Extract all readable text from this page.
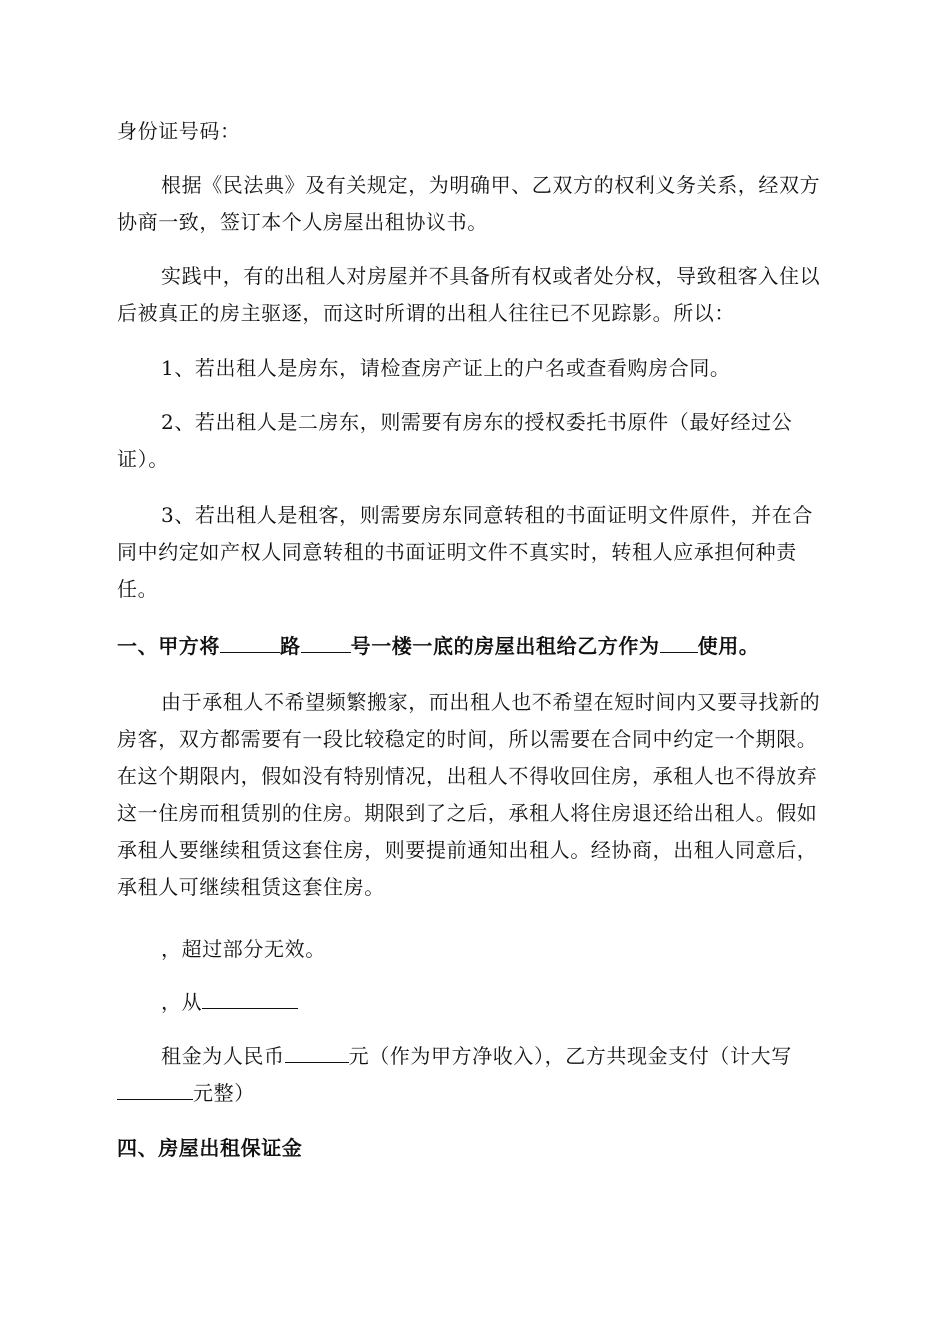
身份证号码：

根据《民法典》及有关规定，为明确甲、乙双方的权利义务关系，经双方协商一致，签订本个人房屋出租协议书。

实践中，有的出租人对房屋并不具备所有权或者处分权，导致租客入住以后被真正的房主驱逐，而这时所谓的出租人往往已不见踪影。所以：

1、若出租人是房东，请检查房产证上的户名或查看购房合同。

2、若出租人是二房东，则需要有房东的授权委托书原件（最好经过公证）。

3、若出租人是租客，则需要房东同意转租的书面证明文件原件，并在合同中约定如产权人同意转租的书面证明文件不真实时，转租人应承担何种责任。

一、甲方将	路	号一楼一底的房屋出租给乙方作为 使用。

由于承租人不希望频繁搬家，而出租人也不希望在短时间内又要寻找新的房客，双方都需要有一段比较稳定的时间，所以需要在合同中约定一个期限。在这个期限内，假如没有特别情况，出租人不得收回住房，承租人也不得放弃这一住房而租赁别的住房。期限到了之后，承租人将住房退还给出租人。假如承租人要继续租赁这套住房，则要提前通知出租人。经协商，出租人同意后，承租人可继续租赁这套住房。

，超过部分无效。

，从

租金为人民币	元（作为甲方净收入），乙方共现金支付（计大写元整）

四、房屋出租保证金
